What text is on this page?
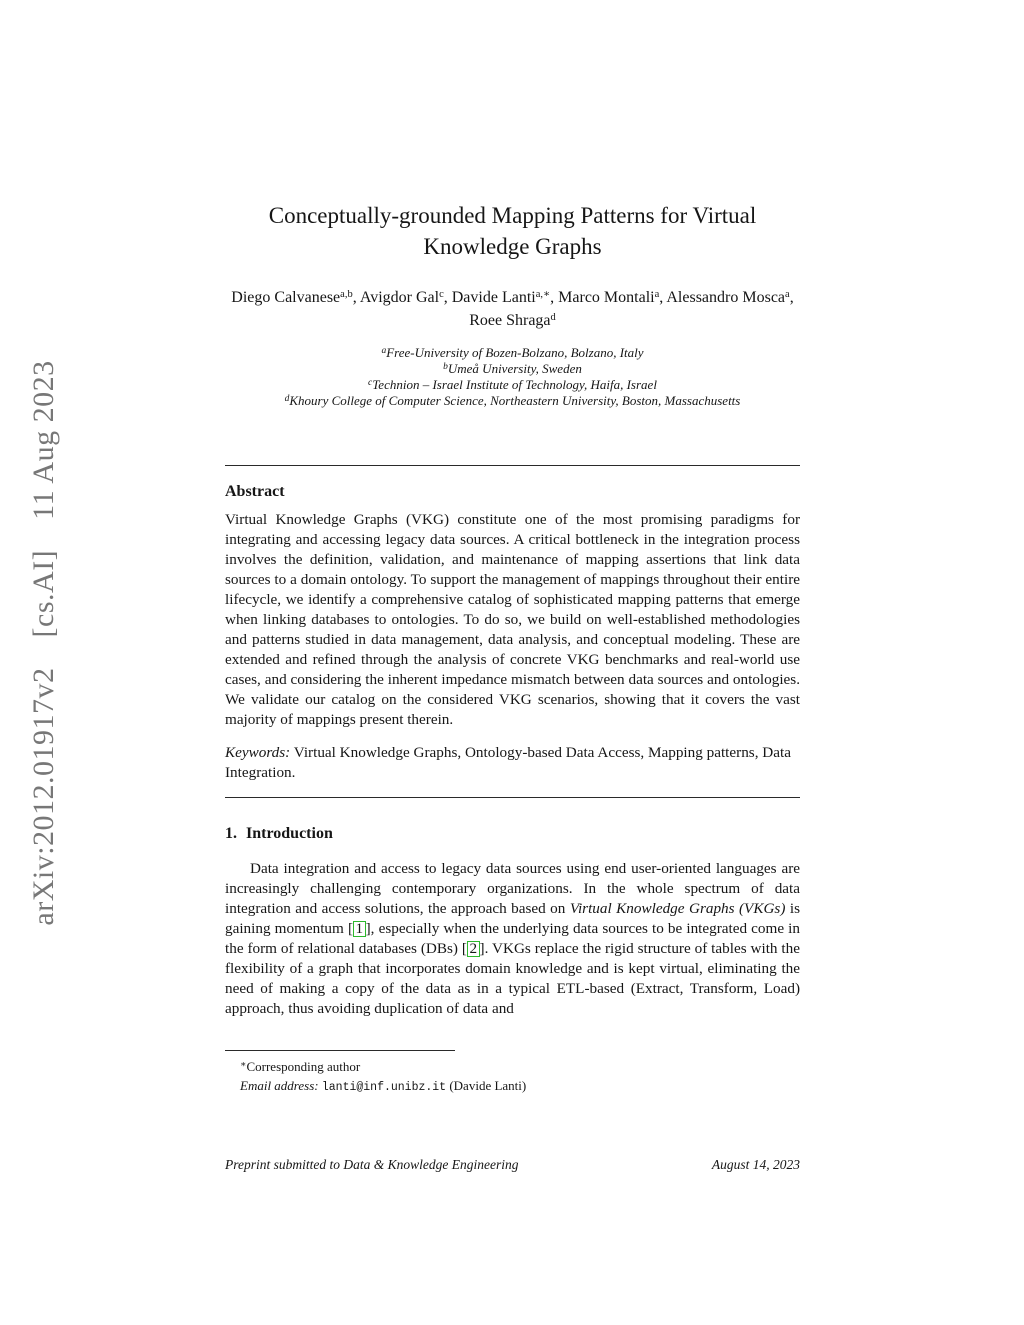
arXiv:2012.01917v2
[cs.AI]
11 Aug 2023
Conceptually-grounded Mapping Patterns for Virtual Knowledge Graphs
Diego Calvanese$^{a,b}$, Avigdor Gal$^c$, Davide Lanti$^{a,∗}$, Marco Montali$^a$, Alessandro Mosca$^a$, Roee Shraga$^d$
$^a$Free-University of Bozen-Bolzano, Bolzano, Italy
$^b$Umeå University, Sweden
$^c$Technion – Israel Institute of Technology, Haifa, Israel
$^d$Khoury College of Computer Science, Northeastern University, Boston, Massachusetts
Abstract
Virtual Knowledge Graphs (VKG) constitute one of the most promising paradigms for integrating and accessing legacy data sources. A critical bottleneck in the integration process involves the definition, validation, and maintenance of mapping assertions that link data sources to a domain ontology. To support the management of mappings throughout their entire lifecycle, we identify a comprehensive catalog of sophisticated mapping patterns that emerge when linking databases to ontologies. To do so, we build on well-established methodologies and patterns studied in data management, data analysis, and conceptual modeling. These are extended and refined through the analysis of concrete VKG benchmarks and real-world use cases, and considering the inherent impedance mismatch between data sources and ontologies. We validate our catalog on the considered VKG scenarios, showing that it covers the vast majority of mappings present therein.
Keywords: Virtual Knowledge Graphs, Ontology-based Data Access, Mapping patterns, Data Integration.
1. Introduction
Data integration and access to legacy data sources using end user-oriented languages are increasingly challenging contemporary organizations. In the whole spectrum of data integration and access solutions, the approach based on Virtual Knowledge Graphs (VKGs) is gaining momentum [ 1 ], especially when the underlying data sources to be integrated come in the form of relational databases (DBs) [ 2 ]. VKGs replace the rigid structure of tables with the flexibility of a graph that incorporates domain knowledge and is kept virtual, eliminating the need of making a copy of the data as in a typical ETL-based (Extract, Transform, Load) approach, thus avoiding duplication of data and
∗Corresponding author
Email address: lanti@inf.unibz.it (Davide Lanti)
Preprint submitted to Data & Knowledge Engineering	August 14, 2023
